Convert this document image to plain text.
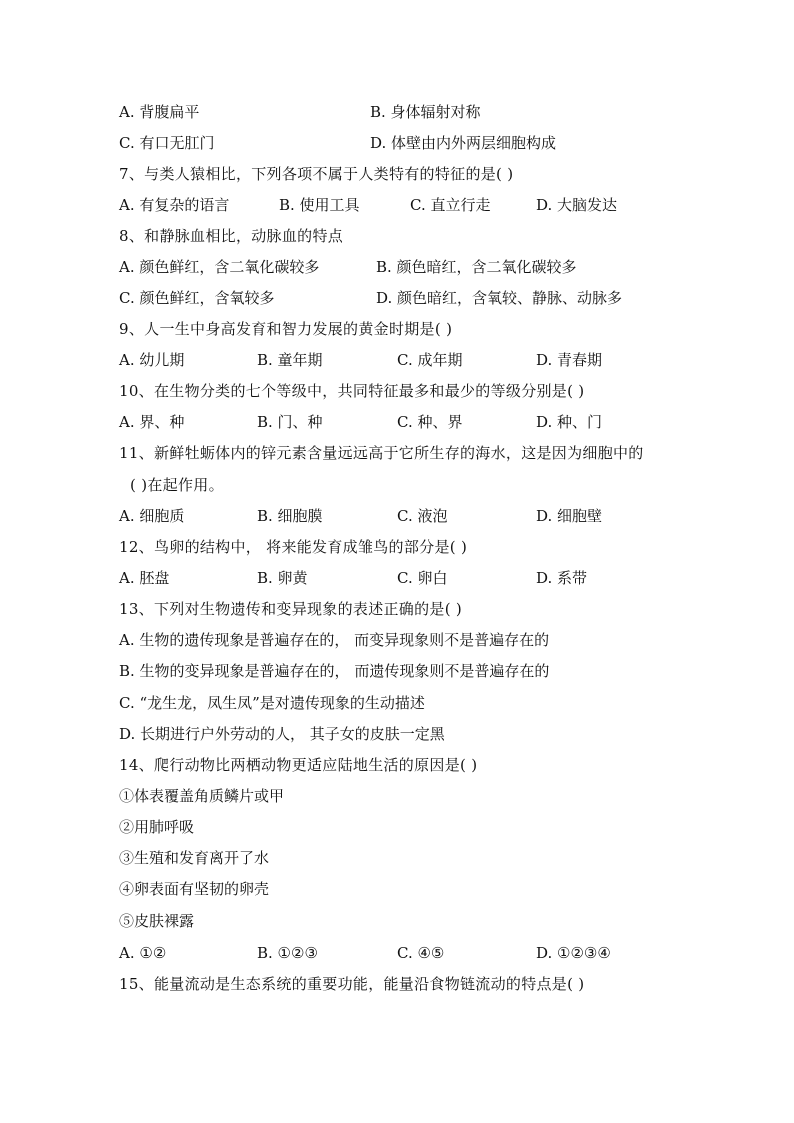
A. 背腹扁平	B. 身体辐射对称
C. 有口无肛门	D. 体壁由内外两层细胞构成
7、与类人猿相比，下列各项不属于人类特有的特征的是( )
A. 有复杂的语言	B. 使用工具	C. 直立行走	D. 大脑发达
8、和静脉血相比，动脉血的特点
A. 颜色鲜红，含二氧化碳较多	B. 颜色暗红，含二氧化碳较多
C. 颜色鲜红，含氧较多	D. 颜色暗红，含氧较、静脉、动脉多
9、人一生中身高发育和智力发展的黄金时期是( )
A. 幼儿期	B. 童年期	C. 成年期	D. 青春期
10、在生物分类的七个等级中，共同特征最多和最少的等级分别是( )
A. 界、种	B. 门、种	C. 种、界	D. 种、门
11、新鲜牡蛎体内的锌元素含量远远高于它所生存的海水，这是因为细胞中的
( )在起作用。
A. 细胞质	B. 细胞膜	C. 液泡	D. 细胞壁
12、鸟卵的结构中， 将来能发育成雏鸟的部分是( )
A. 胚盘	B. 卵黄	C. 卵白	D. 系带
13、下列对生物遗传和变异现象的表述正确的是( )
A. 生物的遗传现象是普遍存在的， 而变异现象则不是普遍存在的
B. 生物的变异现象是普遍存在的， 而遗传现象则不是普遍存在的
C. “龙生龙，凤生凤”是对遗传现象的生动描述
D. 长期进行户外劳动的人， 其子女的皮肤一定黑
14、爬行动物比两栖动物更适应陆地生活的原因是( )
①体表覆盖角质鳞片或甲
②用肺呼吸
③生殖和发育离开了水
④卵表面有坚韧的卵壳
⑤皮肤裸露
A. ①②	B. ①②③	C. ④⑤	D. ①②③④
15、能量流动是生态系统的重要功能，能量沿食物链流动的特点是( )
